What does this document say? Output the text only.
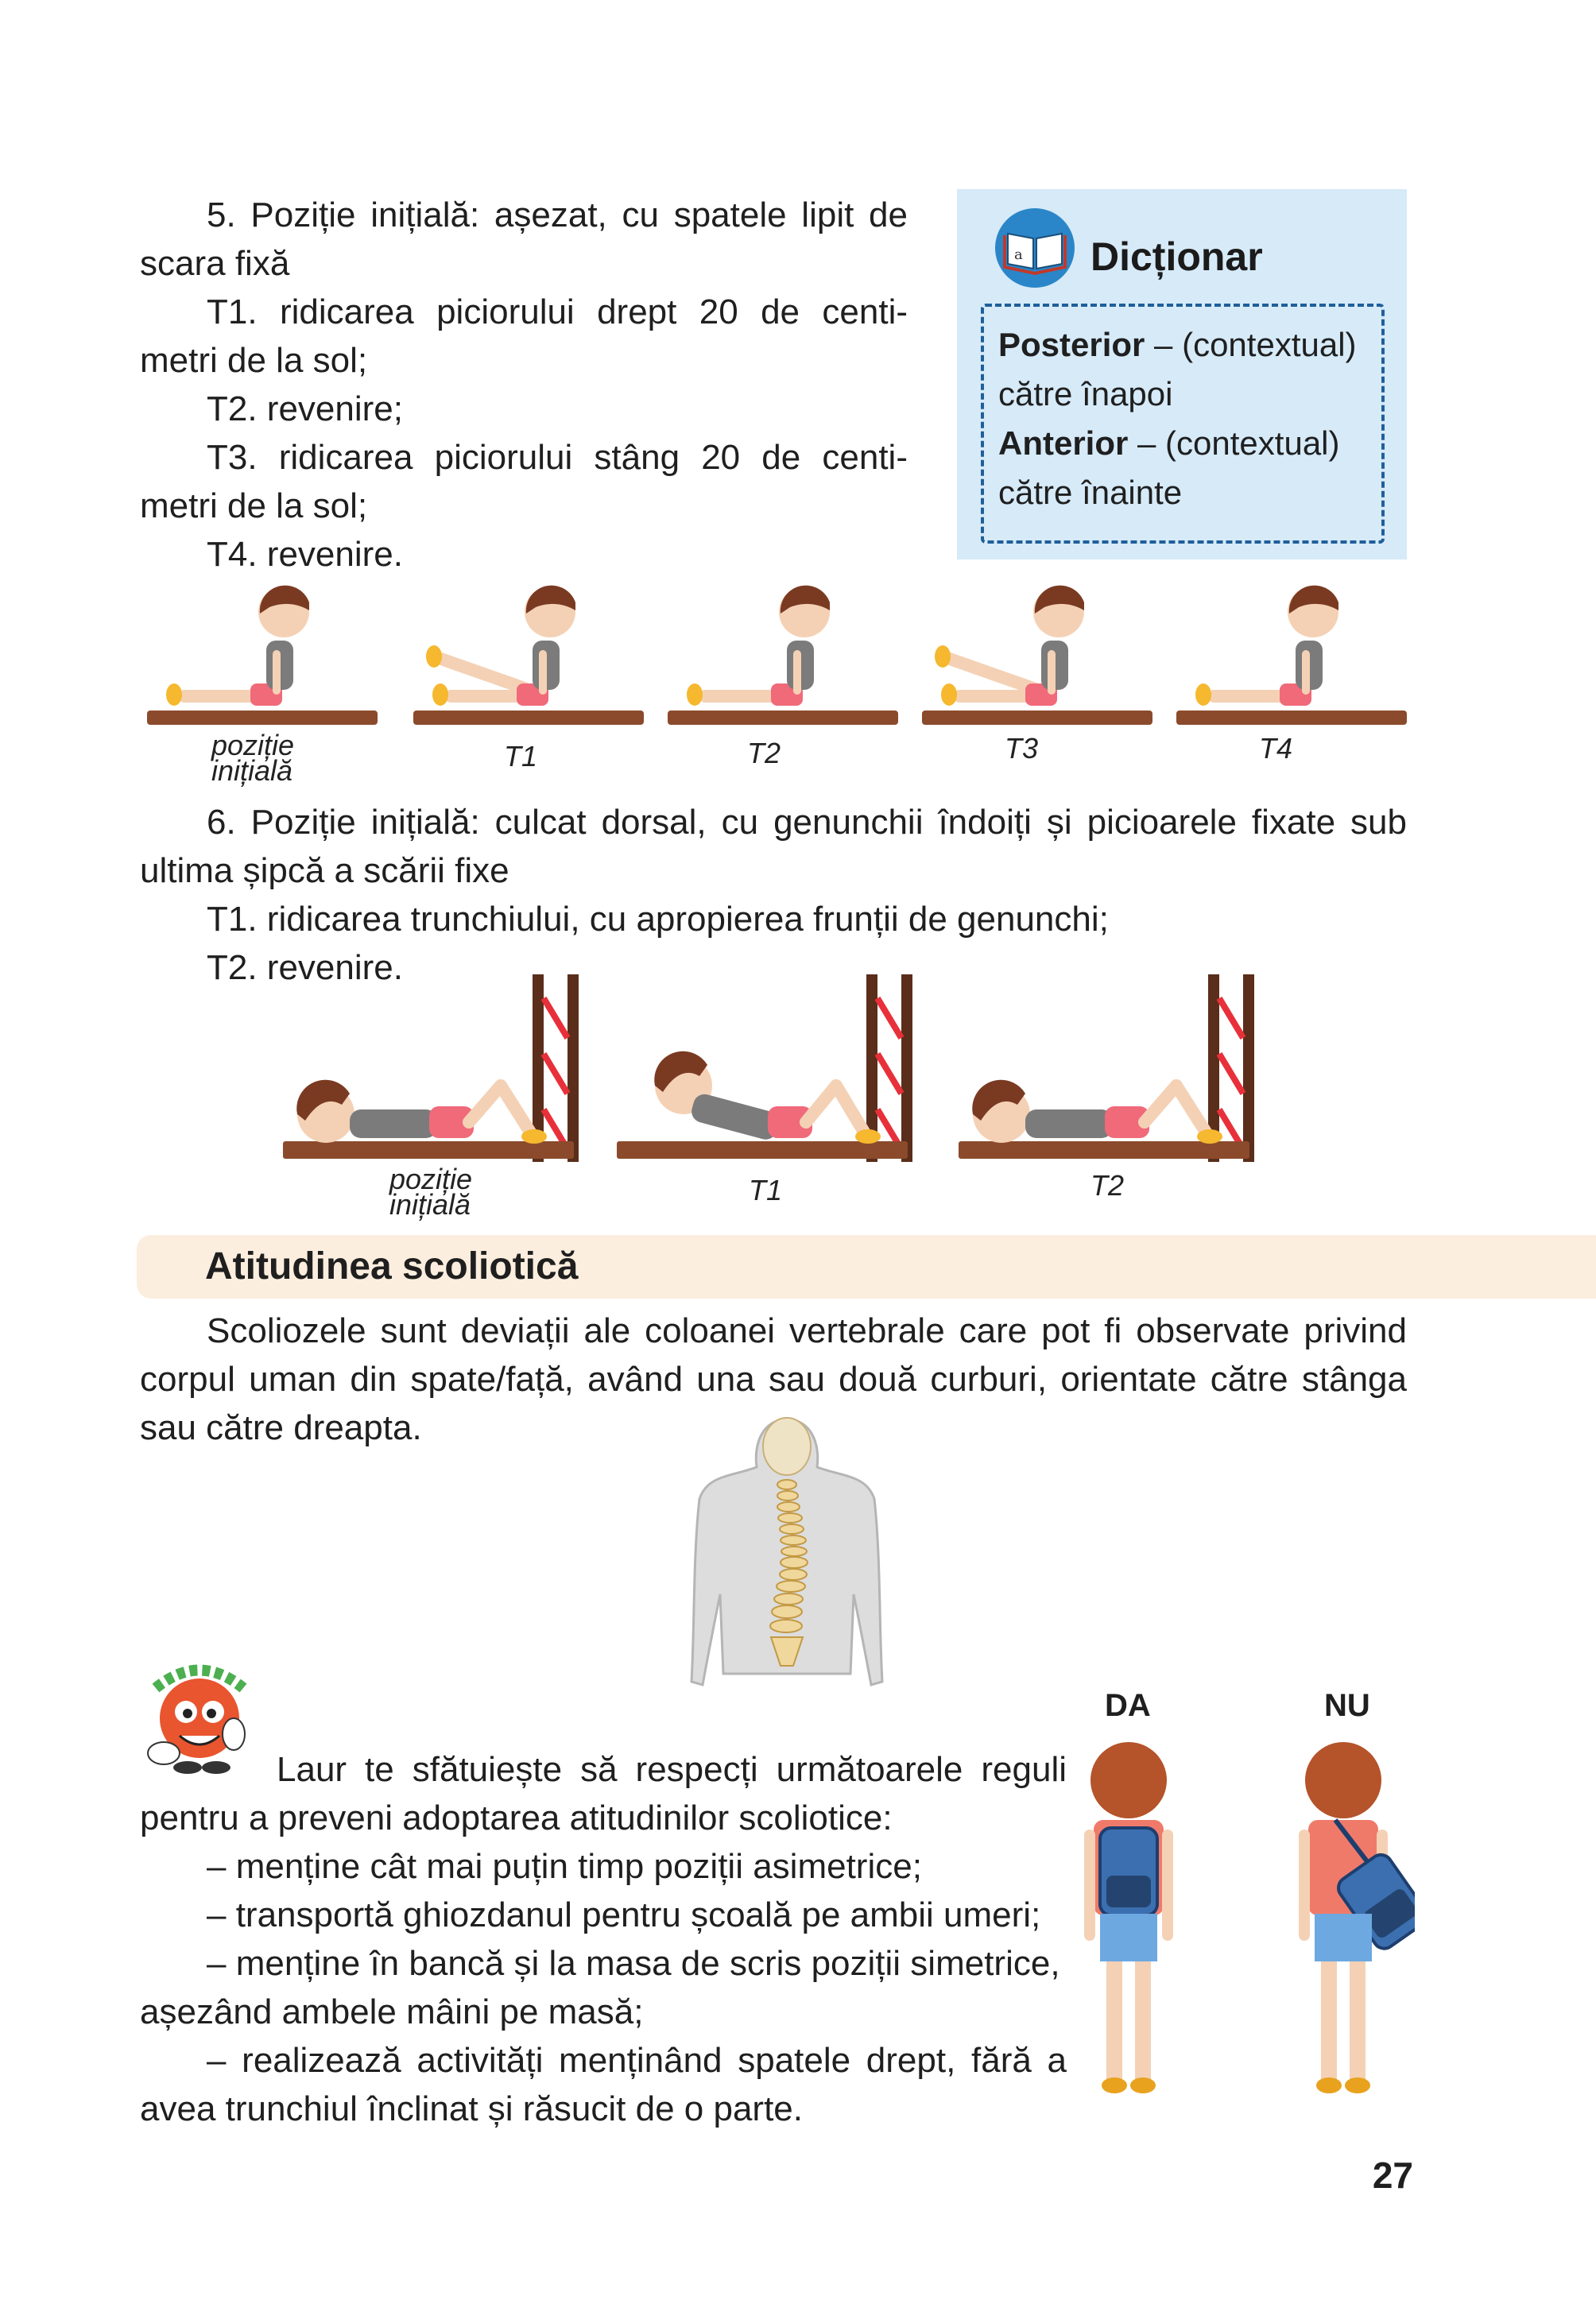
5. Poziție inițială: așezat, cu spatele lipit de
scara fixă
T1. ridicarea piciorului drept 20 de centi-
metri de la sol;
T2. revenire;
T3. ridicarea piciorului stâng 20 de centi-
metri de la sol;
T4. revenire.
a Dicționar
Posterior – (contextual)
către înapoi
Anterior – (contextual)
către înainte
poziție inițială	T1	T2	T3	T4
6. Poziție inițială: culcat dorsal, cu genunchii îndoiți și picioarele fixate sub
ultima șipcă a scării fixe
T1. ridicarea trunchiului, cu apropierea frunții de genunchi;
T2. revenire.
poziție inițială	T1	T2
Atitudinea scoliotică
Scoliozele sunt deviații ale coloanei vertebrale care pot fi observate privind
corpul uman din spate/față, având una sau două curburi, orientate către stânga
sau către dreapta.
Laur te sfătuiește să respecți următoarele reguli
pentru a preveni adoptarea atitudinilor scoliotice:
– menține cât mai puțin timp poziții asimetrice;
– transportă ghiozdanul pentru școală pe ambii umeri;
– menține în bancă și la masa de scris poziții simetrice,
așezând ambele mâini pe masă;
– realizează activități menținând spatele drept, fără a
avea trunchiul înclinat și răsucit de o parte.
DA	NU
27
